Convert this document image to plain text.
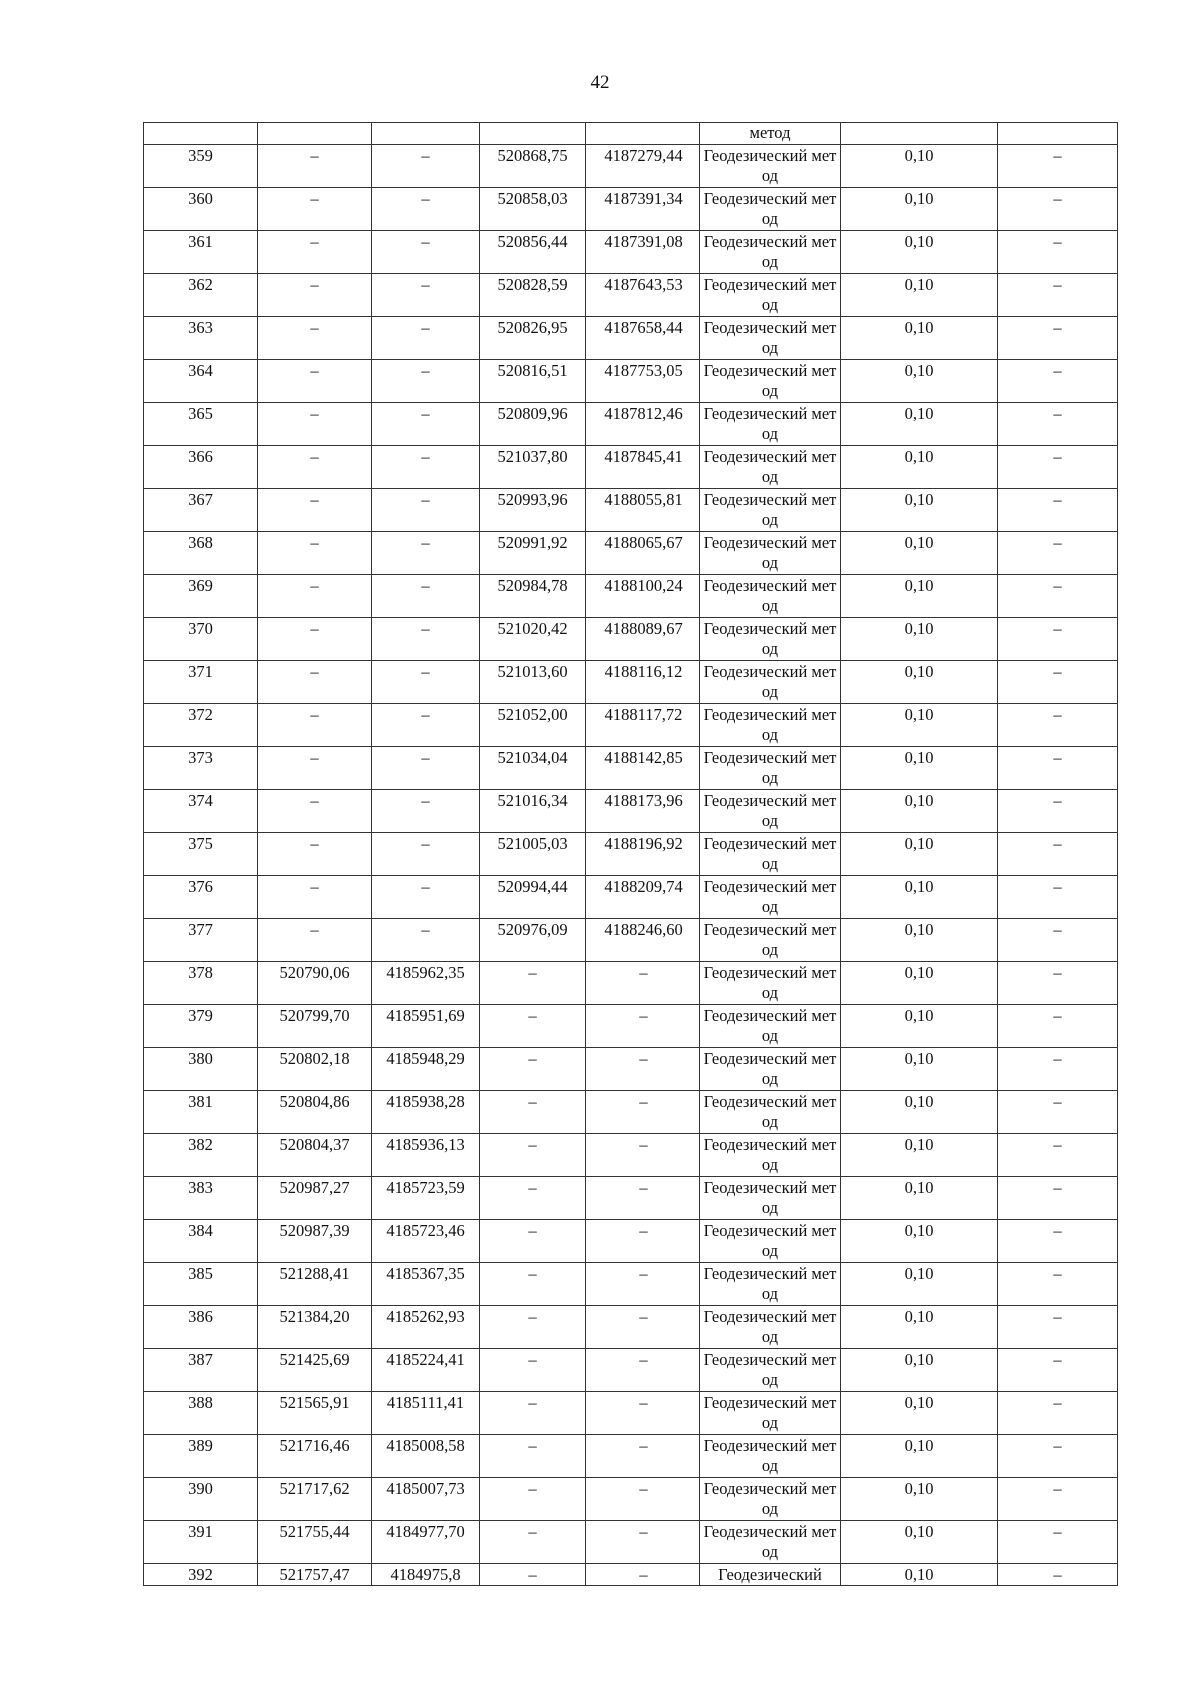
42

					метод		

359	–	–	520868,75	4187279,44	Геодезический метод	0,10	–

360	–	–	520858,03	4187391,34	Геодезический метод	0,10	–

361	–	–	520856,44	4187391,08	Геодезический метод	0,10	–

362	–	–	520828,59	4187643,53	Геодезический метод	0,10	–

363	–	–	520826,95	4187658,44	Геодезический метод	0,10	–

364	–	–	520816,51	4187753,05	Геодезический метод	0,10	–

365	–	–	520809,96	4187812,46	Геодезический метод	0,10	–

366	–	–	521037,80	4187845,41	Геодезический метод	0,10	–

367	–	–	520993,96	4188055,81	Геодезический метод	0,10	–

368	–	–	520991,92	4188065,67	Геодезический метод	0,10	–

369	–	–	520984,78	4188100,24	Геодезический метод	0,10	–

370	–	–	521020,42	4188089,67	Геодезический метод	0,10	–

371	–	–	521013,60	4188116,12	Геодезический метод	0,10	–

372	–	–	521052,00	4188117,72	Геодезический метод	0,10	–

373	–	–	521034,04	4188142,85	Геодезический метод	0,10	–

374	–	–	521016,34	4188173,96	Геодезический метод	0,10	–

375	–	–	521005,03	4188196,92	Геодезический метод	0,10	–

376	–	–	520994,44	4188209,74	Геодезический метод	0,10	–

377	–	–	520976,09	4188246,60	Геодезический метод	0,10	–

378	520790,06	4185962,35	–	–	Геодезический метод	0,10	–

379	520799,70	4185951,69	–	–	Геодезический метод	0,10	–

380	520802,18	4185948,29	–	–	Геодезический метод	0,10	–

381	520804,86	4185938,28	–	–	Геодезический метод	0,10	–

382	520804,37	4185936,13	–	–	Геодезический метод	0,10	–

383	520987,27	4185723,59	–	–	Геодезический метод	0,10	–

384	520987,39	4185723,46	–	–	Геодезический метод	0,10	–

385	521288,41	4185367,35	–	–	Геодезический метод	0,10	–

386	521384,20	4185262,93	–	–	Геодезический метод	0,10	–

387	521425,69	4185224,41	–	–	Геодезический метод	0,10	–

388	521565,91	4185111,41	–	–	Геодезический метод	0,10	–

389	521716,46	4185008,58	–	–	Геодезический метод	0,10	–

390	521717,62	4185007,73	–	–	Геодезический метод	0,10	–

391	521755,44	4184977,70	–	–	Геодезический метод	0,10	–

392	521757,47	4184975,8	–	–	Геодезический	0,10	–
